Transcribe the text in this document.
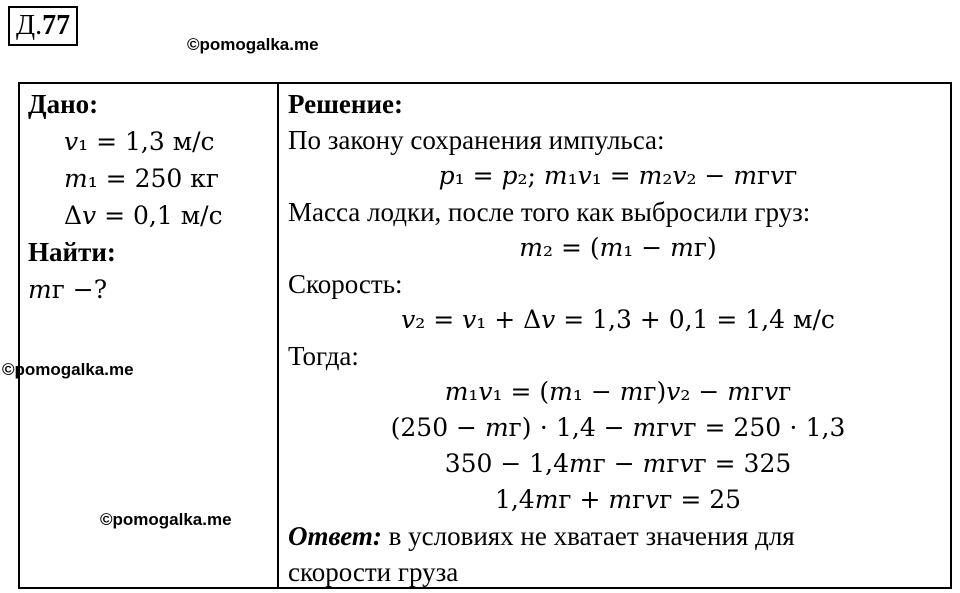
Д.77
©pomogalka.me
©pomogalka.me
©pomogalka.me
Дано:
𝑣₁ = 1,3 м/с
𝑚₁ = 250 кг
Δ𝑣 = 0,1 м/с
Найти:
𝑚г −?
Решение:
По закону сохранения импульса:
𝑝₁ = 𝑝₂; 𝑚₁𝑣₁ = 𝑚₂𝑣₂ − 𝑚г𝑣г
Масса лодки, после того как выбросили груз:
𝑚₂ = (𝑚₁ − 𝑚г)
Скорость:
𝑣₂ = 𝑣₁ + Δ𝑣 = 1,3 + 0,1 = 1,4 м/с
Тогда:
𝑚₁𝑣₁ = (𝑚₁ − 𝑚г)𝑣₂ − 𝑚г𝑣г
(250 − 𝑚г) ⋅ 1,4 − 𝑚г𝑣г = 250 ⋅ 1,3
350 − 1,4𝑚г − 𝑚г𝑣г = 325
1,4𝑚г + 𝑚г𝑣г = 25
Ответ: в условиях не хватает значения для
скорости груза
